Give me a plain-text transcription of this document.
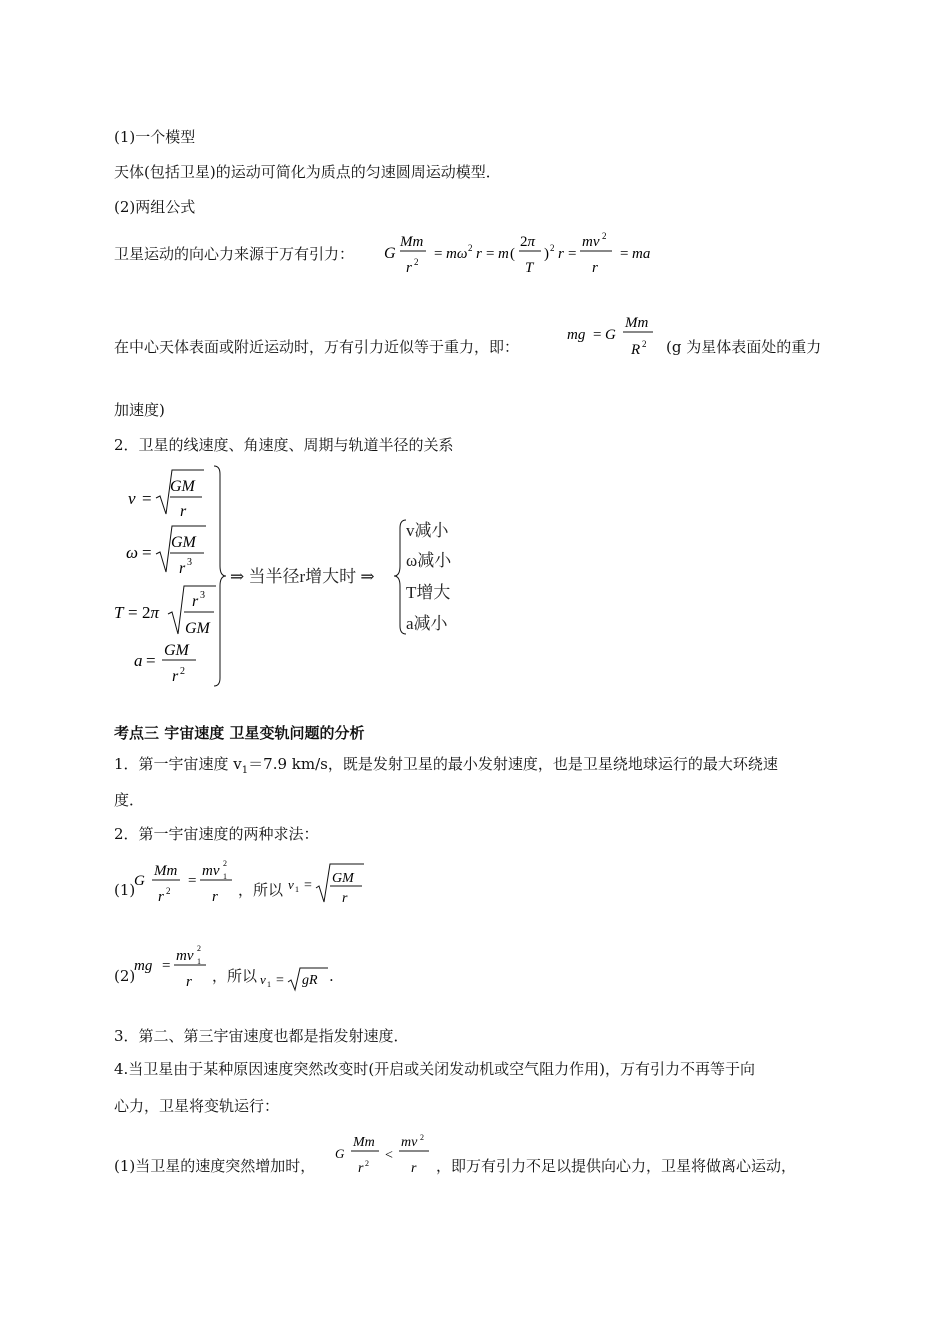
(1)一个模型
天体(包括卫星)的运动可简化为质点的匀速圆周运动模型．
(2)两组公式
卫星运动的向心力来源于万有引力： G
Mm
r 2 = mω 2 r = m (
2π
T
) 2 r =
mv 2
r
= ma
在中心天体表面或附近运动时，万有引力近似等于重力，即：
mg = G
Mm
R 2 (g 为星体表面处的重力
加速度)
2．卫星的线速度、角速度、周期与轨道半径的关系
v =
GM
r
ω =
GM
r 3
T = 2π
r 3
GM
a =
GM
r 2
⇒ 当半径r增大时 ⇒
v减小
ω减小
T增大
a减小
考点三 宇宙速度 卫星变轨问题的分析
1．第一宇宙速度 $v_1=7.9$ km/s，既是发射卫星的最小发射速度，也是卫星绕地球运行的最大环绕速
度．
2．第一宇宙速度的两种求法：
(1)
G
Mm
r 2
=
mv 1
2
r ，所以 v 1 = GM
r
(2)
mg =
mv 1
2
r ，所以 v 1 = gR .
3．第二、第三宇宙速度也都是指发射速度．
4.当卫星由于某种原因速度突然改变时(开启或关闭发动机或空气阻力作用)，万有引力不再等于向
心力，卫星将变轨运行：
(1)当卫星的速度突然增加时，
G
Mm
r 2
<
mv 2
r ，即万有引力不足以提供向心力，卫星将做离心运动，
